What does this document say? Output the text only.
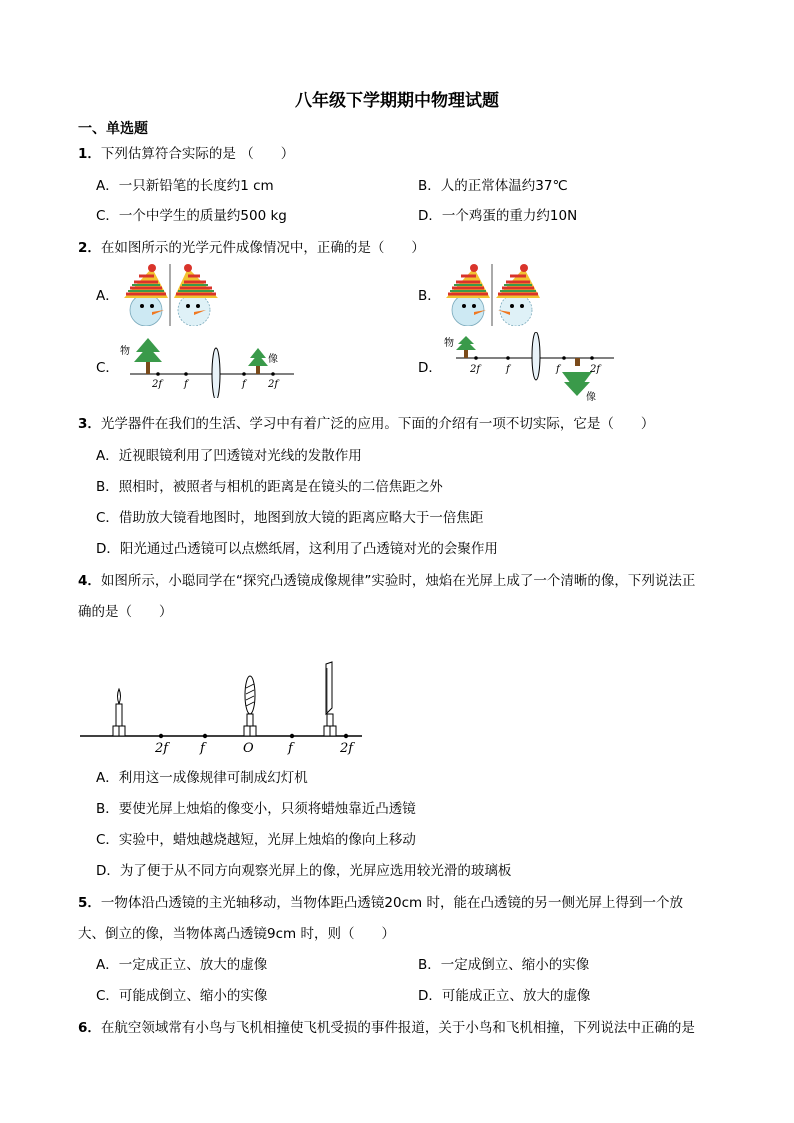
八年级下学期期中物理试题
一、单选题
1．下列估算符合实际的是 （　　）
A．一只新铅笔的长度约1 cm	B．人的正常体温约37℃
C．一个中学生的质量约500 kg	D．一个鸡蛋的重力约10N
2．在如图所示的光学元件成像情况中，正确的是（　　）
A．	B．
C．	D．
物
像
2f f	f 2f
物
像
2f	f	f	2f
3．光学器件在我们的生活、学习中有着广泛的应用。下面的介绍有一项不切实际，它是（　　）
A．近视眼镜利用了凹透镜对光线的发散作用
B．照相时，被照者与相机的距离是在镜头的二倍焦距之外
C．借助放大镜看地图时，地图到放大镜的距离应略大于一倍焦距
D．阳光通过凸透镜可以点燃纸屑，这利用了凸透镜对光的会聚作用
4．如图所示，小聪同学在“探究凸透镜成像规律”实验时，烛焰在光屏上成了一个清晰的像，下列说法正
确的是（　　）
2f f	O	f	2f
A．利用这一成像规律可制成幻灯机
B．要使光屏上烛焰的像变小，只须将蜡烛靠近凸透镜
C．实验中，蜡烛越烧越短，光屏上烛焰的像向上移动
D．为了便于从不同方向观察光屏上的像，光屏应选用较光滑的玻璃板
5．一物体沿凸透镜的主光轴移动，当物体距凸透镜20cm 时，能在凸透镜的另一侧光屏上得到一个放
大、倒立的像，当物体离凸透镜9cm 时，则（　　）
A．一定成正立、放大的虚像	B．一定成倒立、缩小的实像
C．可能成倒立、缩小的实像	D．可能成正立、放大的虚像
6．在航空领域常有小鸟与飞机相撞使飞机受损的事件报道，关于小鸟和飞机相撞，下列说法中正确的是
